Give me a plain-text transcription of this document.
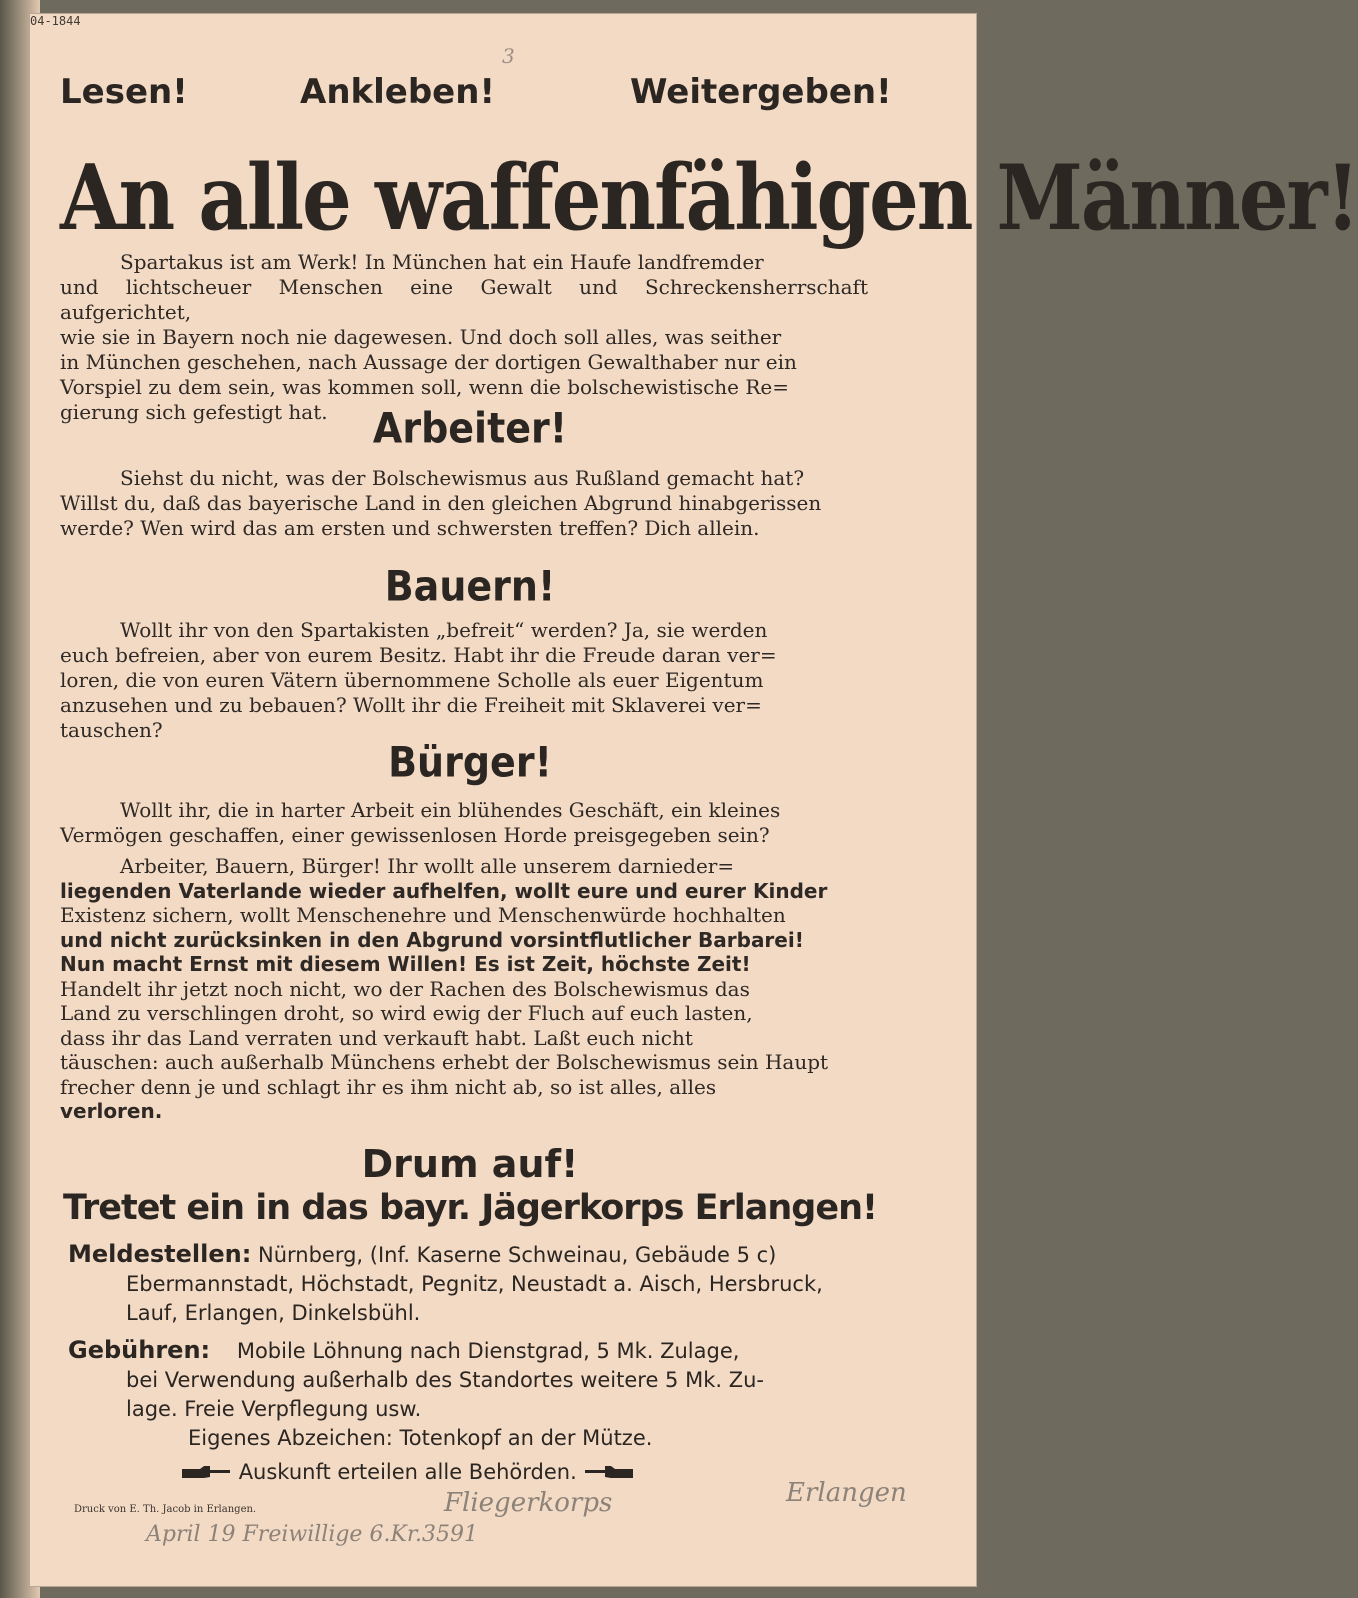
04-1844
3
Lesen!	Ankleben!	Weitergeben!
An alle waffenfähigen Männer!
Spartakus ist am Werk! In München hat ein Haufe landfremder
und lichtscheuer Menschen eine Gewalt und Schreckensherrschaft aufgerichtet,
wie sie in Bayern noch nie dagewesen. Und doch soll alles, was seither
in München geschehen, nach Aussage der dortigen Gewalthaber nur ein
Vorspiel zu dem sein, was kommen soll, wenn die bolschewistische Re=
gierung sich gefestigt hat.	Arbeiter!
Siehst du nicht, was der Bolschewismus aus Rußland gemacht hat?
Willst du, daß das bayerische Land in den gleichen Abgrund hinabgerissen
werde? Wen wird das am ersten und schwersten treffen? Dich allein.
Bauern!
Wollt ihr von den Spartakisten „befreit“ werden? Ja, sie werden
euch befreien, aber von eurem Besitz. Habt ihr die Freude daran ver=
loren, die von euren Vätern übernommene Scholle als euer Eigentum
anzusehen und zu bebauen? Wollt ihr die Freiheit mit Sklaverei ver=
tauschen?
Bürger!
Wollt ihr, die in harter Arbeit ein blühendes Geschäft, ein kleines
Vermögen geschaffen, einer gewissenlosen Horde preisgegeben sein?
Arbeiter, Bauern, Bürger! Ihr wollt alle unserem darnieder=
liegenden Vaterlande wieder aufhelfen, wollt eure und eurer Kinder
Existenz sichern, wollt Menschenehre und Menschenwürde hochhalten
und nicht zurücksinken in den Abgrund vorsintflutlicher Barbarei!
Nun macht Ernst mit diesem Willen! Es ist Zeit, höchste Zeit!
Handelt ihr jetzt noch nicht, wo der Rachen des Bolschewismus das
Land zu verschlingen droht, so wird ewig der Fluch auf euch lasten,
dass ihr das Land verraten und verkauft habt. Laßt euch nicht
täuschen: auch außerhalb Münchens erhebt der Bolschewismus sein Haupt
frecher denn je und schlagt ihr es ihm nicht ab, so ist alles, alles
verloren.
Drum auf!
Tretet ein in das bayr. Jägerkorps Erlangen!
Meldestellen: Nürnberg, (Inf. Kaserne Schweinau, Gebäude 5 c)
Ebermannstadt, Höchstadt, Pegnitz, Neustadt a. Aisch, Hersbruck,
Lauf, Erlangen, Dinkelsbühl.
Gebühren: Mobile Löhnung nach Dienstgrad, 5 Mk. Zulage,
bei Verwendung außerhalb des Standortes weitere 5 Mk. Zu-
lage. Freie Verpflegung usw.
Eigenes Abzeichen: Totenkopf an der Mütze.
Auskunft erteilen alle Behörden.
Druck von E. Th. Jacob in Erlangen.	Fliegerkorps	Erlangen
April 19 Freiwillige 6.Kr.3591
